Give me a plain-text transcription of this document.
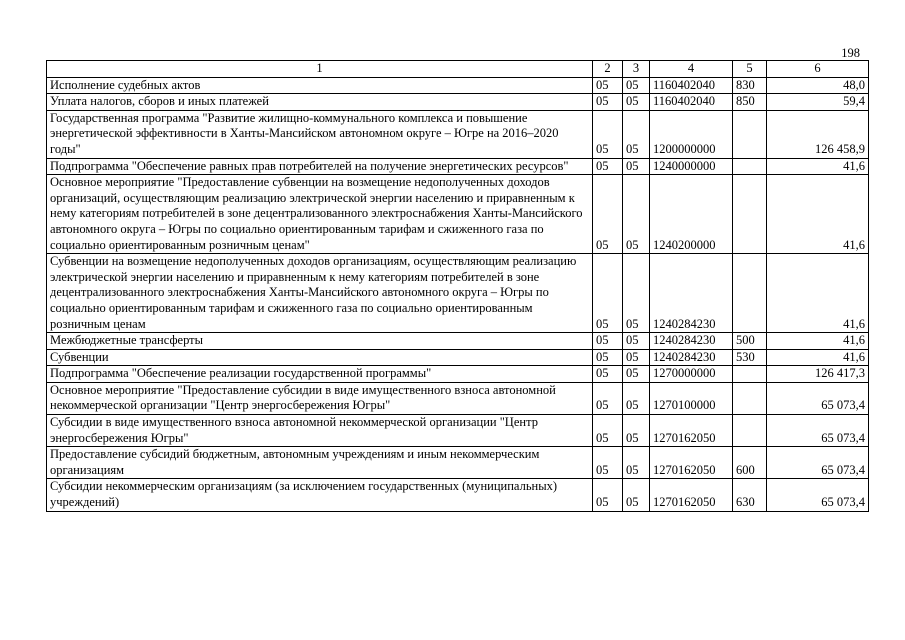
198
1	2	3	4	5	6
Исполнение судебных актов	05	05	1160402040	830	48,0
Уплата налогов, сборов и иных платежей	05	05	1160402040	850	59,4
Государственная программа "Развитие жилищно-коммунального комплекса и повышение энергетической эффективности в Ханты-Мансийском автономном округе – Югре на 2016–2020 годы"	05	05	1200000000		126 458,9
Подпрограмма "Обеспечение равных прав потребителей на получение энергетических ресурсов"	05	05	1240000000		41,6
Основное мероприятие "Предоставление субвенции на возмещение недополученных доходов организаций, осуществляющим реализацию электрической энергии населению и приравненным к нему категориям потребителей в зоне децентрализованного электроснабжения Ханты-Мансийского автономного округа – Югры по социально ориентированным тарифам и сжиженного газа по социально ориентированным розничным ценам"	05	05	1240200000		41,6
Субвенции на возмещение недополученных доходов организациям, осуществляющим реализацию электрической энергии населению и приравненным к нему категориям потребителей в зоне децентрализованного электроснабжения Ханты-Мансийского автономного округа – Югры по социально ориентированным тарифам и сжиженного газа по социально ориентированным розничным ценам	05	05	1240284230		41,6
Межбюджетные трансферты	05	05	1240284230	500	41,6
Субвенции	05	05	1240284230	530	41,6
Подпрограмма "Обеспечение реализации государственной программы"	05	05	1270000000		126 417,3
Основное мероприятие "Предоставление субсидии в виде имущественного взноса автономной некоммерческой организации "Центр энергосбережения Югры"	05	05	1270100000		65 073,4
Субсидии в виде имущественного взноса автономной некоммерческой организации "Центр энергосбережения Югры"	05	05	1270162050		65 073,4
Предоставление субсидий бюджетным, автономным учреждениям и иным некоммерческим организациям	05	05	1270162050	600	65 073,4
Субсидии некоммерческим организациям (за исключением государственных (муниципальных) учреждений)	05	05	1270162050	630	65 073,4
